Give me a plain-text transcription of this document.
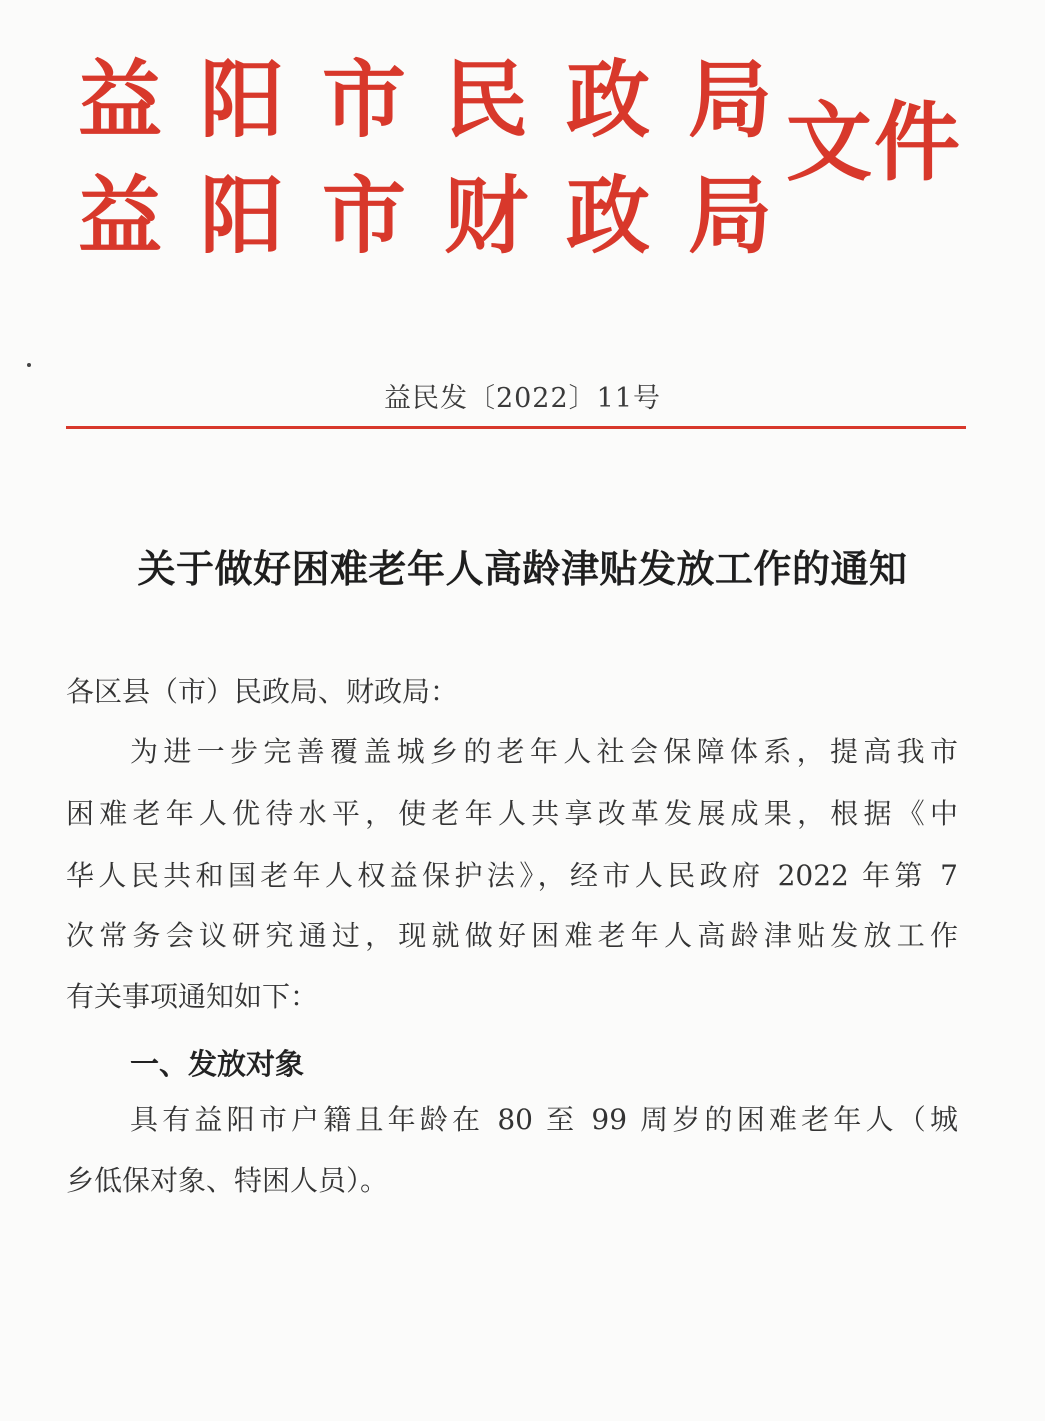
益阳市民政局
益阳市财政局
文件
益民发〔2022〕11号
关于做好困难老年人高龄津贴发放工作的通知
各区县（市）民政局、财政局：
为进一步完善覆盖城乡的老年人社会保障体系，提高我市
困难老年人优待水平，使老年人共享改革发展成果，根据《中
华人民共和国老年人权益保护法》，经市人民政府 2022 年第 7
次常务会议研究通过，现就做好困难老年人高龄津贴发放工作
有关事项通知如下：
一、发放对象
具有益阳市户籍且年龄在 80 至 99 周岁的困难老年人（城
乡低保对象、特困人员）。
